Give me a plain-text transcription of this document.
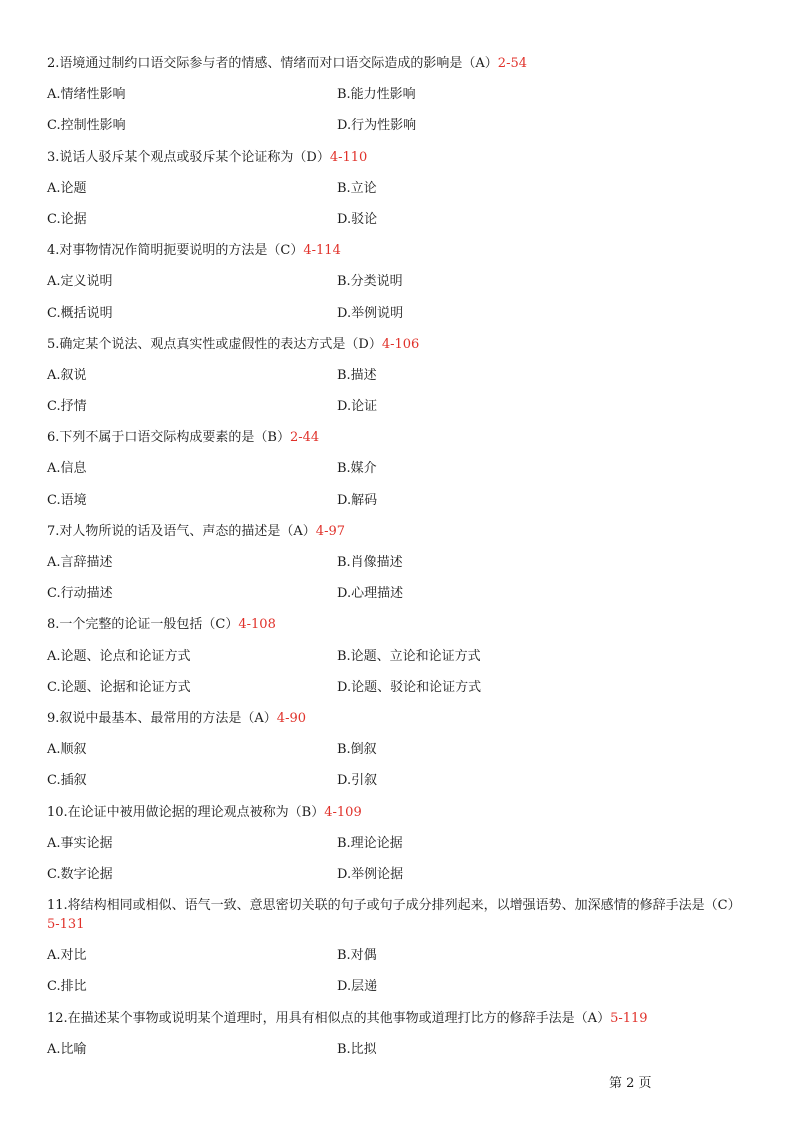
2.语境通过制约口语交际参与者的情感、情绪而对口语交际造成的影响是（A）2-54
A.情绪性影响	B.能力性影响
C.控制性影响	D.行为性影响
3.说话人驳斥某个观点或驳斥某个论证称为（D）4-110
A.论题	B.立论
C.论据	D.驳论
4.对事物情况作简明扼要说明的方法是（C）4-114
A.定义说明	B.分类说明
C.概括说明	D.举例说明
5.确定某个说法、观点真实性或虚假性的表达方式是（D）4-106
A.叙说	B.描述
C.抒情	D.论证
6.下列不属于口语交际构成要素的是（B）2-44
A.信息	B.媒介
C.语境	D.解码
7.对人物所说的话及语气、声态的描述是（A）4-97
A.言辞描述	B.肖像描述
C.行动描述	D.心理描述
8.一个完整的论证一般包括（C）4-108
A.论题、论点和论证方式	B.论题、立论和论证方式
C.论题、论据和论证方式	D.论题、驳论和论证方式
9.叙说中最基本、最常用的方法是（A）4-90
A.顺叙	B.倒叙
C.插叙	D.引叙
10.在论证中被用做论据的理论观点被称为（B）4-109
A.事实论据	B.理论论据
C.数字论据	D.举例论据
11.将结构相同或相似、语气一致、意思密切关联的句子或句子成分排列起来，以增强语势、加深感情的修辞手法是（C）5-131
A.对比	B.对偶
C.排比	D.层递
12.在描述某个事物或说明某个道理时，用具有相似点的其他事物或道理打比方的修辞手法是（A）5-119
A.比喻	B.比拟
第 2 页
